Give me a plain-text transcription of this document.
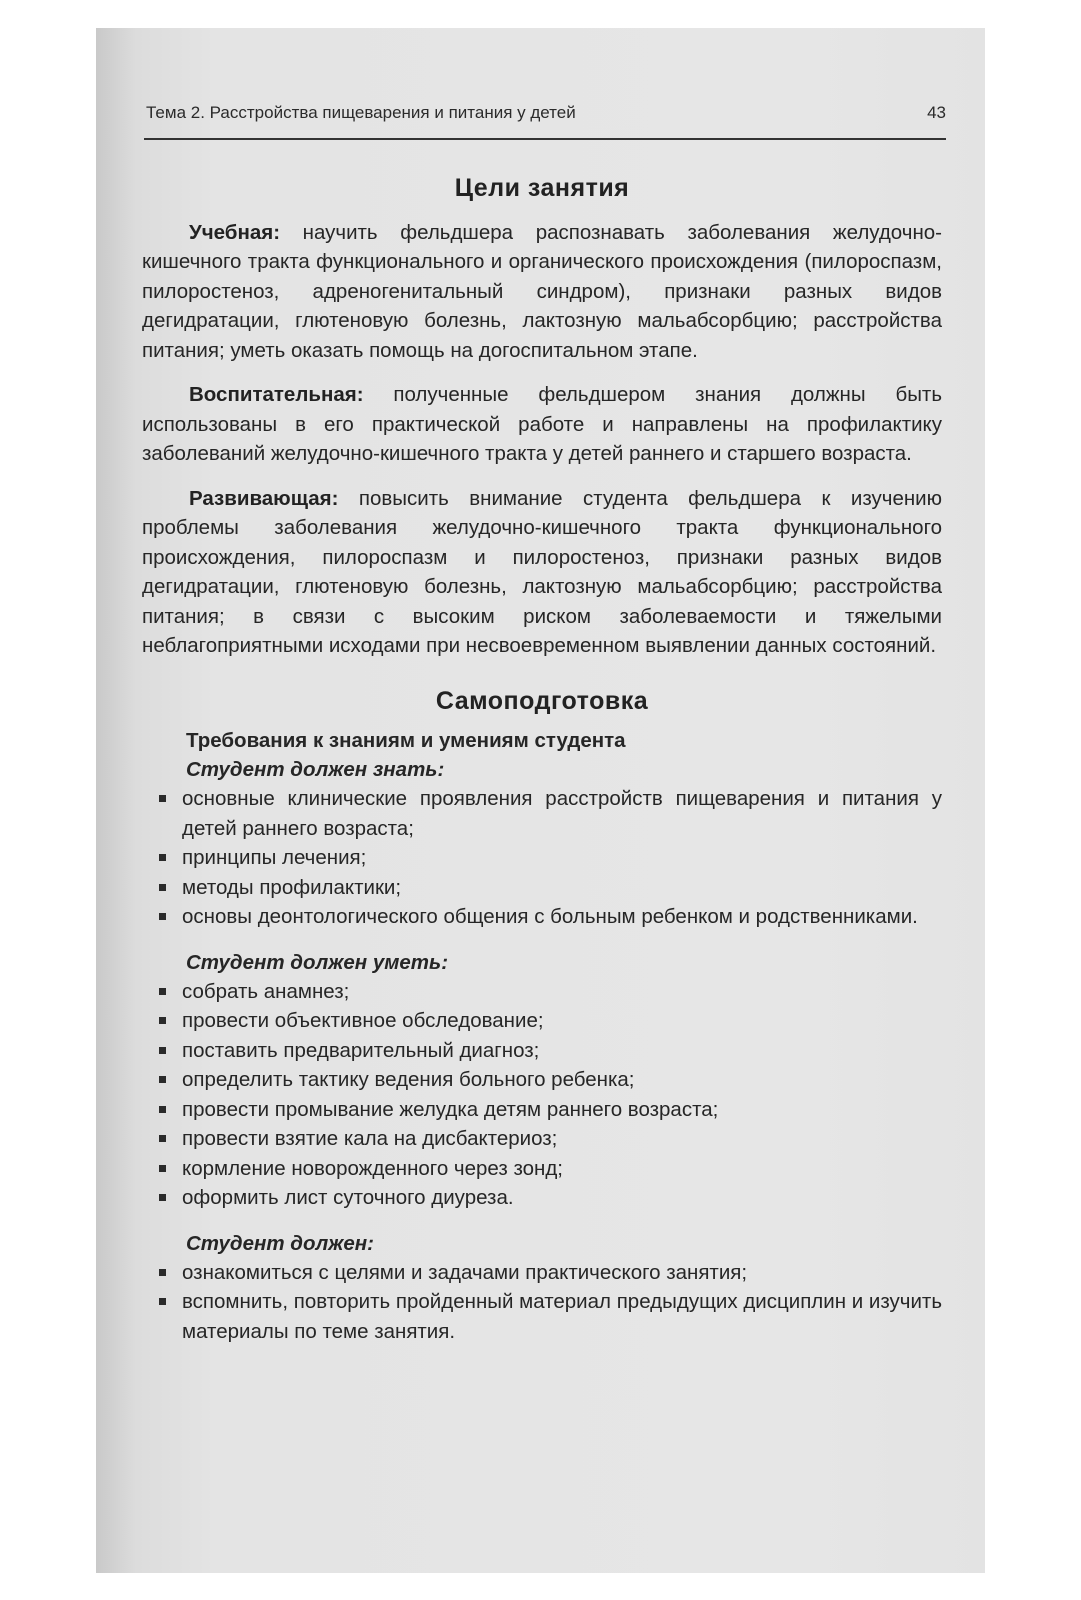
Тема 2. Расстройства пищеварения и питания у детей	43
Цели занятия

Учебная: научить фельдшера распознавать заболевания желудочно-кишечного тракта функционального и органического происхождения (пилороспазм, пилоростеноз, адреногенитальный синдром), признаки разных видов дегидратации, глютеновую болезнь, лактозную мальабсорбцию; расстройства питания; уметь оказать помощь на догоспитальном этапе.

Воспитательная: полученные фельдшером знания должны быть использованы в его практической работе и направлены на профилактику заболеваний желудочно-кишечного тракта у детей раннего и старшего возраста.

Развивающая: повысить внимание студента фельдшера к изучению проблемы заболевания желудочно-кишечного тракта функционального происхождения, пилороспазм и пилоростеноз, признаки разных видов дегидратации, глютеновую болезнь, лактозную мальабсорбцию; расстройства питания; в связи с высоким риском заболеваемости и тяжелыми неблагоприятными исходами при несвоевременном выявлении данных состояний.

Самоподготовка
Требования к знаниям и умениям студента
Студент должен знать:
основные клинические проявления расстройств пищеварения и питания у детей раннего возраста;
принципы лечения;
методы профилактики;
основы деонтологического общения с больным ребенком и родственниками.
Студент должен уметь:
собрать анамнез;
провести объективное обследование;
поставить предварительный диагноз;
определить тактику ведения больного ребенка;
провести промывание желудка детям раннего возраста;
провести взятие кала на дисбактериоз;
кормление новорожденного через зонд;
оформить лист суточного диуреза.
Студент должен:
ознакомиться с целями и задачами практического занятия;
вспомнить, повторить пройденный материал предыдущих дисциплин и изучить материалы по теме занятия.
